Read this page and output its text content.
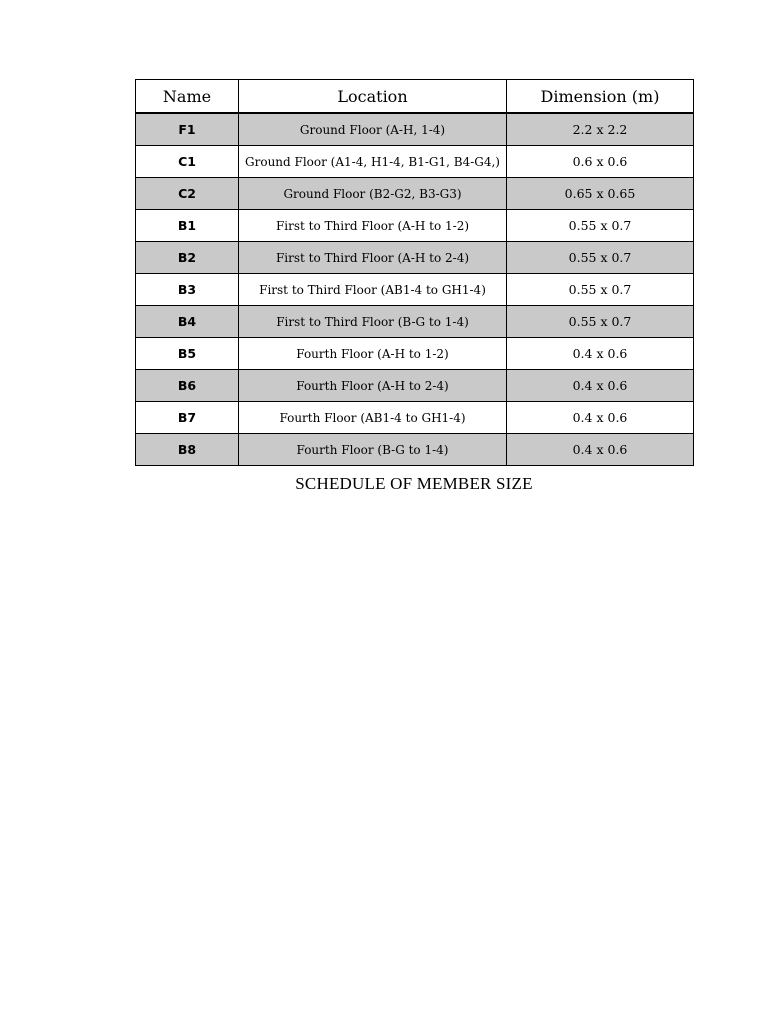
Name	Location	Dimension (m)
F1	Ground Floor (A-H, 1-4)	2.2 x 2.2
C1	Ground Floor (A1-4, H1-4, B1-G1, B4-G4,)	0.6 x 0.6
C2	Ground Floor (B2-G2, B3-G3)	0.65 x 0.65
B1	First to Third Floor (A-H to 1-2)	0.55 x 0.7
B2	First to Third Floor (A-H to 2-4)	0.55 x 0.7
B3	First to Third Floor (AB1-4 to GH1-4)	0.55 x 0.7
B4	First to Third Floor (B-G to 1-4)	0.55 x 0.7
B5	Fourth Floor (A-H to 1-2)	0.4 x 0.6
B6	Fourth Floor (A-H to 2-4)	0.4 x 0.6
B7	Fourth Floor (AB1-4 to GH1-4)	0.4 x 0.6
B8	Fourth Floor (B-G to 1-4)	0.4 x 0.6
SCHEDULE OF MEMBER SIZE
